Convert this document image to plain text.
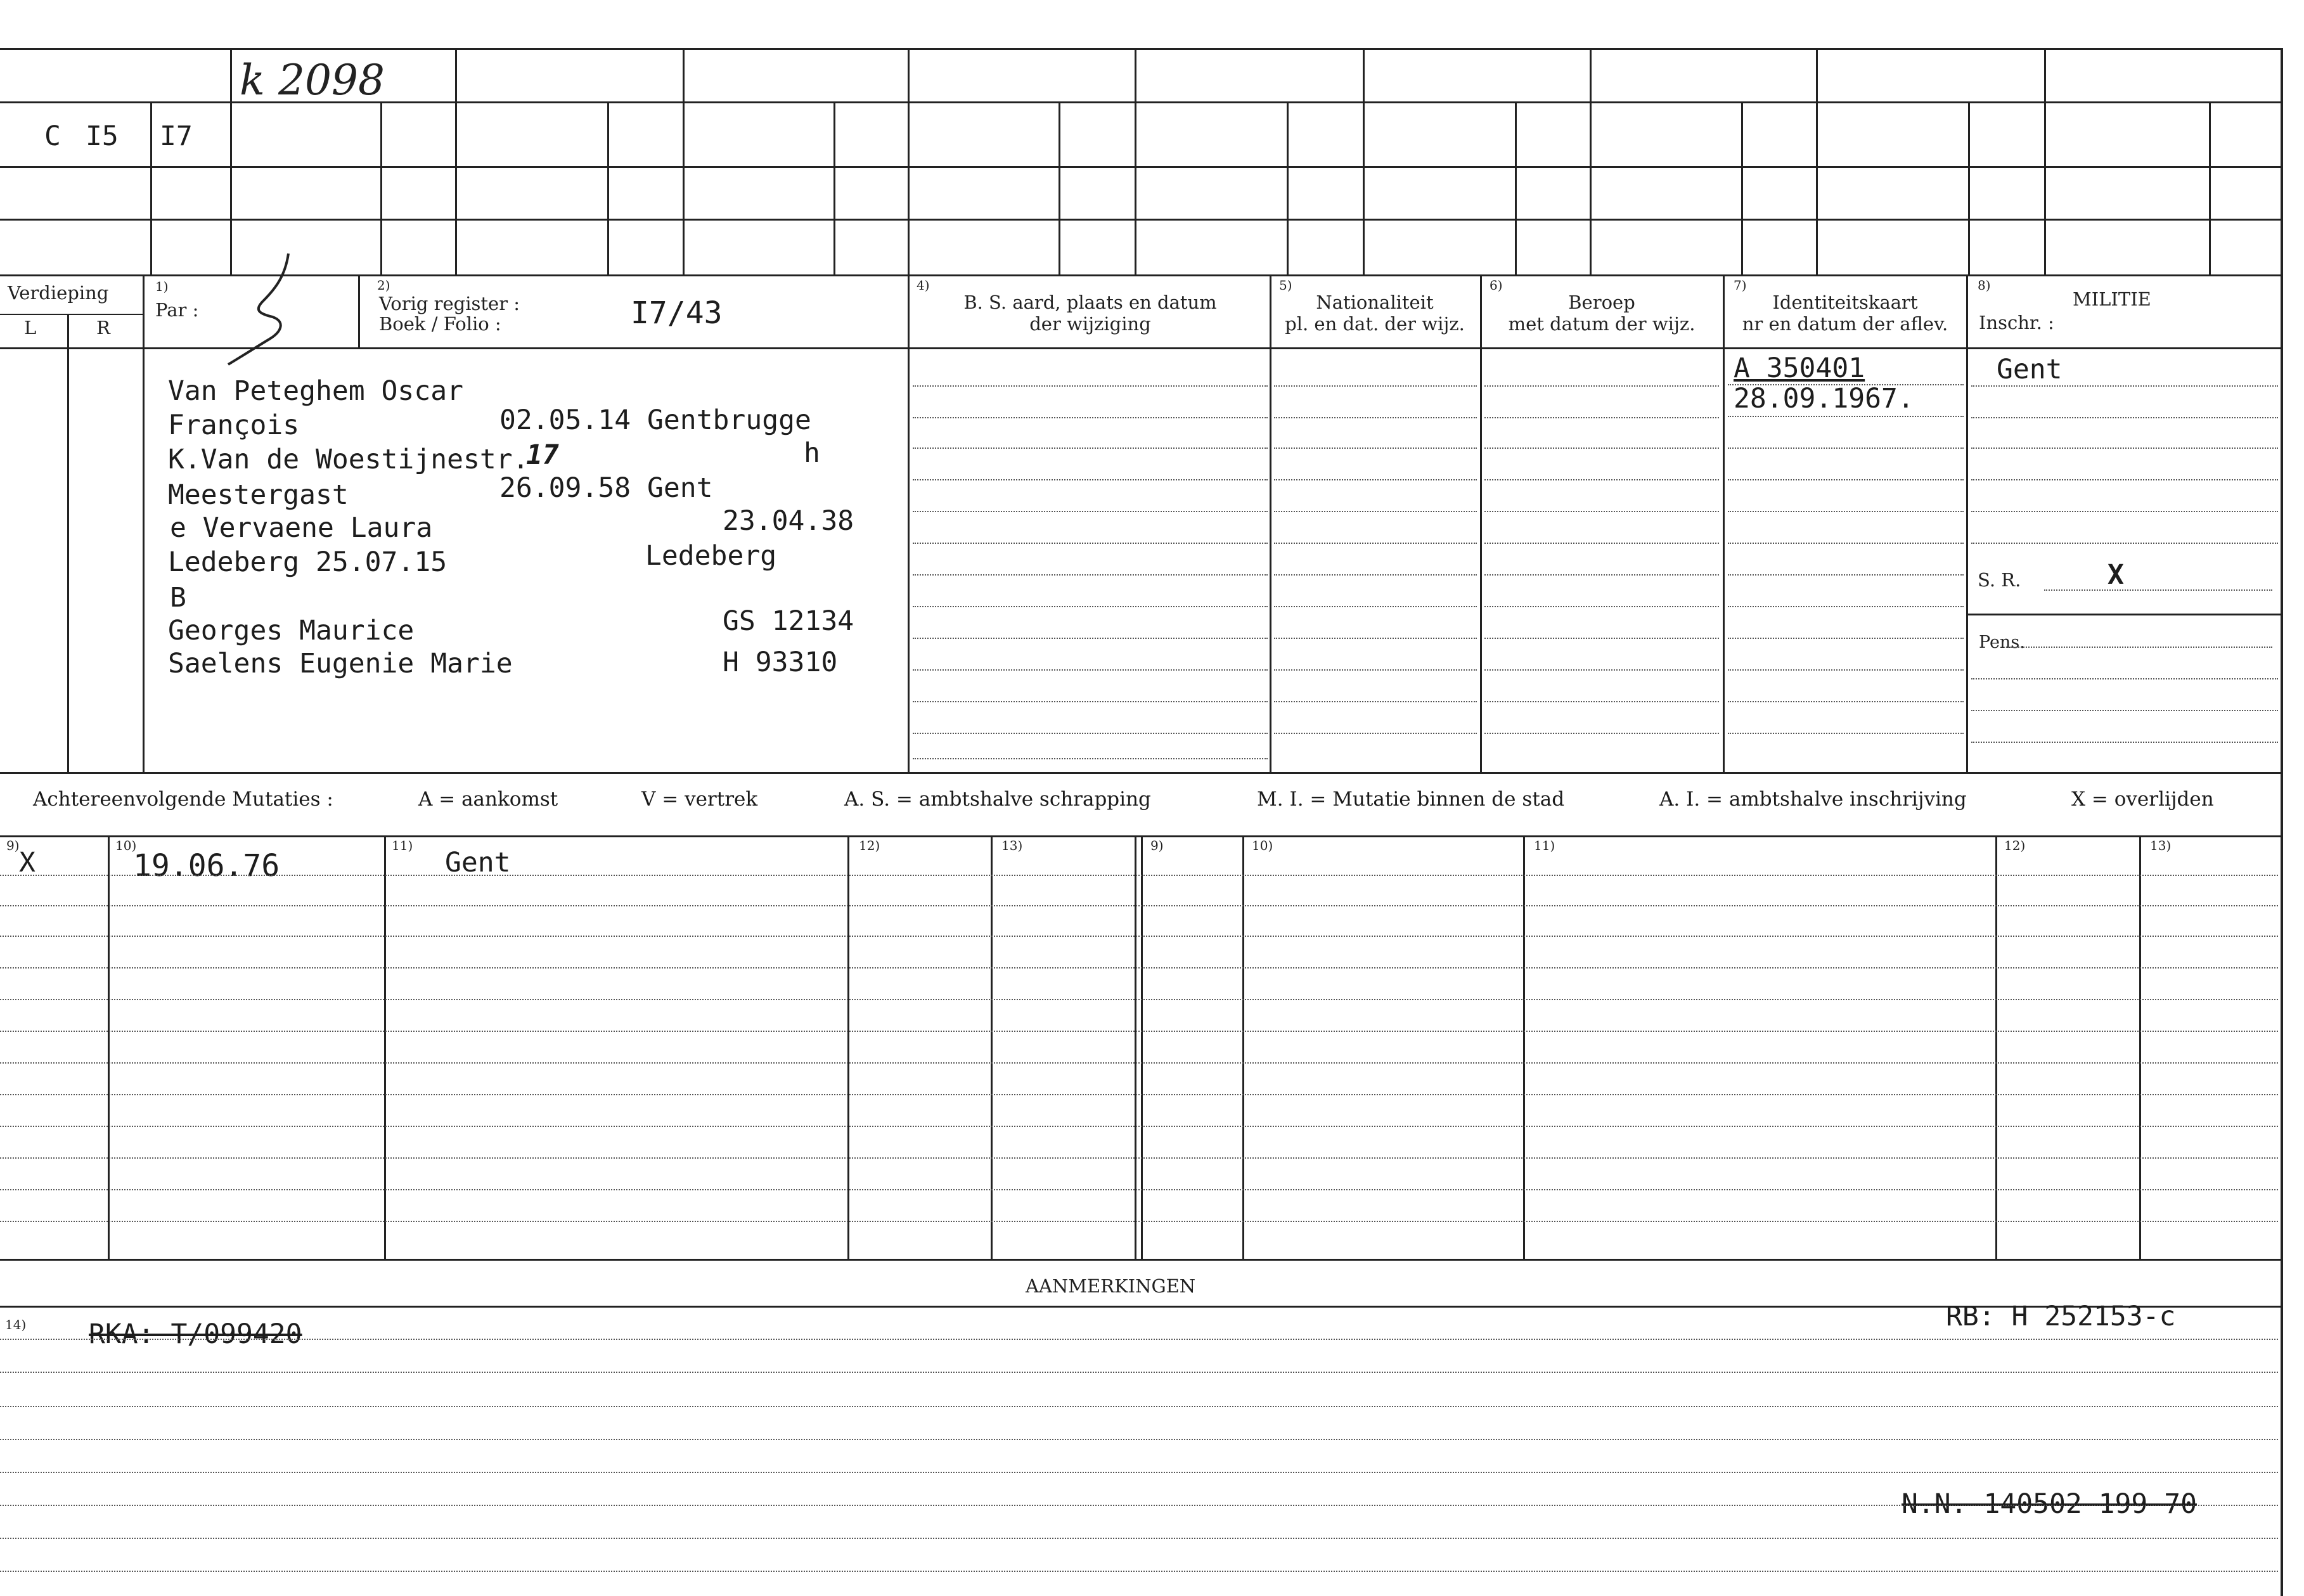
C I5 I7
k 2098
Verdieping
L	R
1)
Par :
2)
Vorig register :
Boek / Folio :	I7/43
4)
B. S. aard, plaats en datum
der wijziging
5)
Nationaliteit
pl. en dat. der wijz.
6)
Beroep
met datum der wijz.
7)
Identiteitskaart
nr en datum der aflev.
8)
MILITIE
Inschr. :
Van Peteghem Oscar
François	02.05.14 Gentbrugge
K.Van de Woestijnestr.
17	h
Meestergast	26.09.58 Gent
e Vervaene Laura	23.04.38
Ledeberg 25.07.15	Ledeberg
B
Georges Maurice	GS 12134
Saelens Eugenie Marie	H 93310
A 350401
28.09.1967.
Gent
S. R.	X
Pens.
Achtereenvolgende Mutaties :	A = aankomst	V = vertrek	A. S. = ambtshalve schrapping	M. I. = Mutatie binnen de stad	A. I. = ambtshalve inschrijving	X = overlijden
9)	10)	11)	12)	13)	9)	10)	11)	12)	13)
X	19.06.76	Gent
AANMERKINGEN
14) RKA: T/099420
RB: H 252153-c
N.N. 140502 199 70
